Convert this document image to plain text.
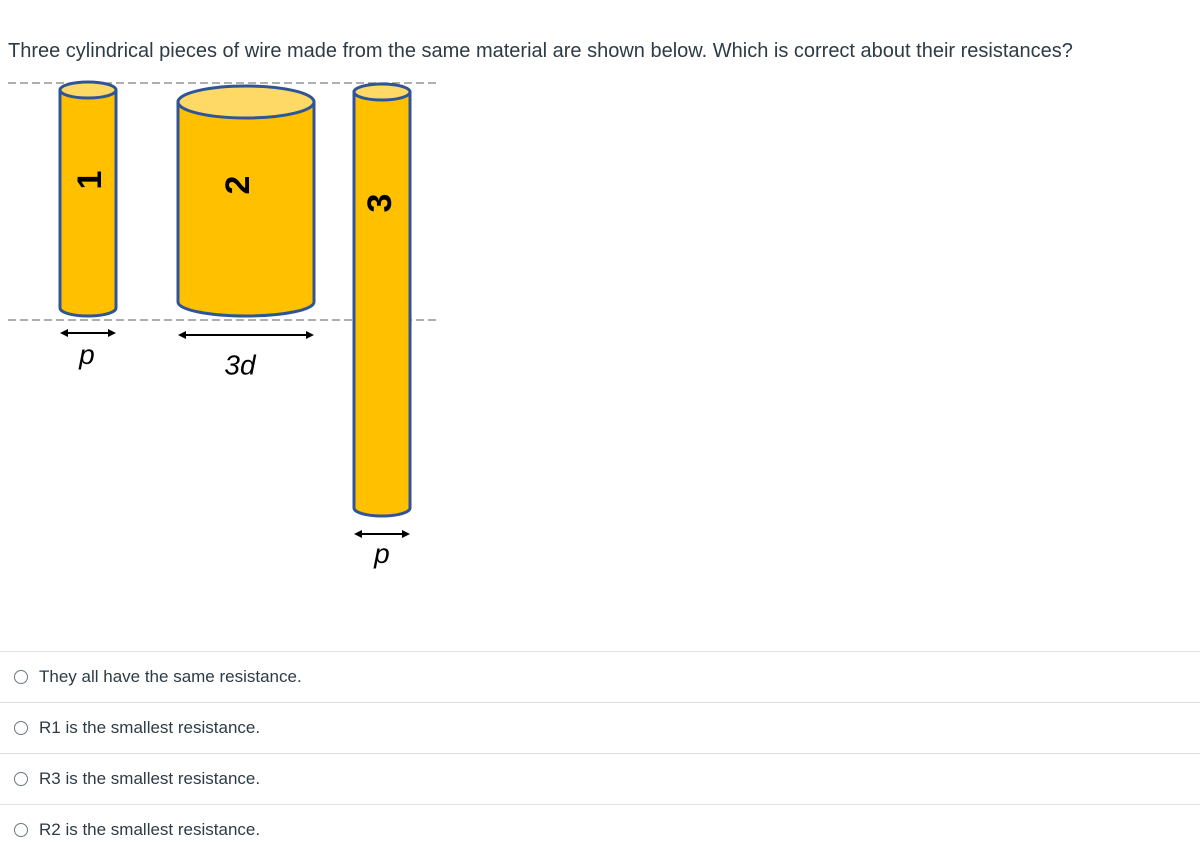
Three cylindrical pieces of wire made from the same material are shown below. Which is correct about their resistances?
1
d
2
3d
3
d
They all have the same resistance.
R1 is the smallest resistance.
R3 is the smallest resistance.
R2 is the smallest resistance.
